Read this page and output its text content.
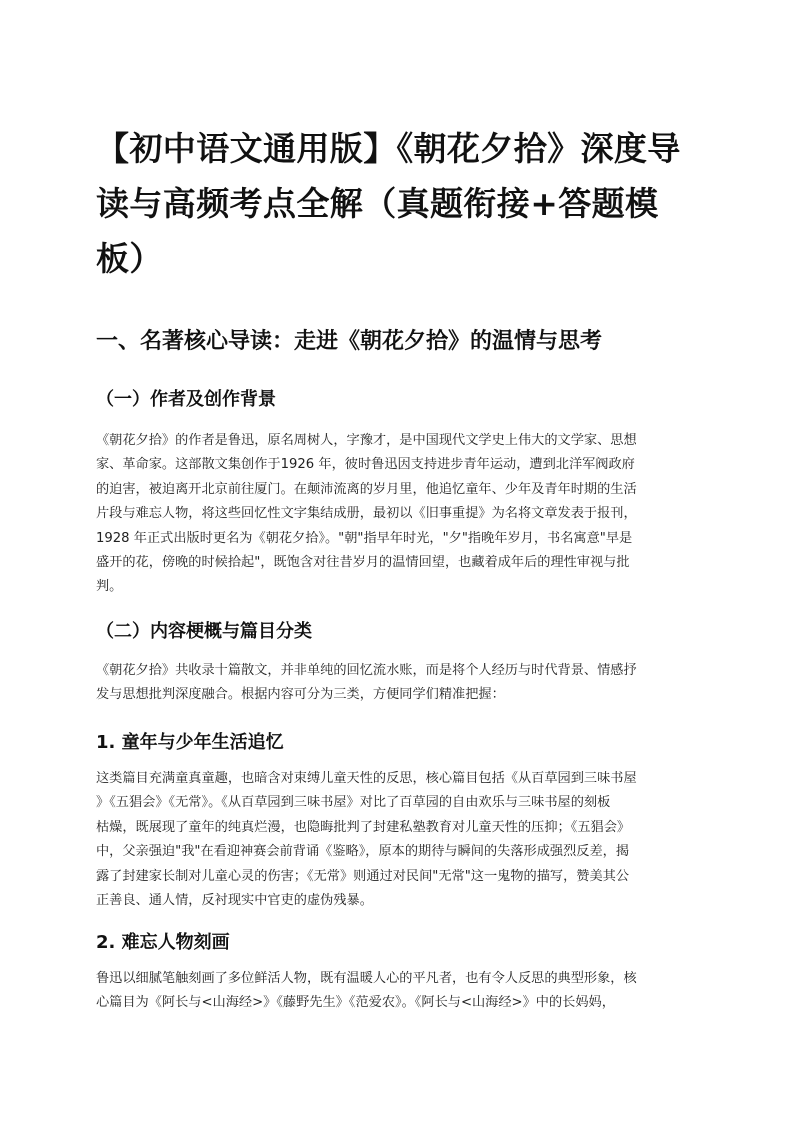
【初中语文通用版】《朝花夕拾》深度导读与高频考点全解（真题衔接+答题模板）
一、名著核心导读：走进《朝花夕拾》的温情与思考
（一）作者及创作背景
《朝花夕拾》的作者是鲁迅，原名周树人，字豫才，是中国现代文学史上伟大的文学家、思想
家、革命家。这部散文集创作于1926 年，彼时鲁迅因支持进步青年运动，遭到北洋军阀政府
的迫害，被迫离开北京前往厦门。在颠沛流离的岁月里，他追忆童年、少年及青年时期的生活
片段与难忘人物，将这些回忆性文字集结成册，最初以《旧事重提》为名将文章发表于报刊，
1928 年正式出版时更名为《朝花夕拾》。"朝"指早年时光，"夕"指晚年岁月，书名寓意"早是
盛开的花，傍晚的时候拾起"，既饱含对往昔岁月的温情回望，也藏着成年后的理性审视与批
判。
（二）内容梗概与篇目分类
《朝花夕拾》共收录十篇散文，并非单纯的回忆流水账，而是将个人经历与时代背景、情感抒
发与思想批判深度融合。根据内容可分为三类，方便同学们精准把握：
1. 童年与少年生活追忆
这类篇目充满童真童趣，也暗含对束缚儿童天性的反思，核心篇目包括《从百草园到三味书屋
》《五猖会》《无常》。《从百草园到三味书屋》对比了百草园的自由欢乐与三味书屋的刻板
枯燥，既展现了童年的纯真烂漫，也隐晦批判了封建私塾教育对儿童天性的压抑；《五猖会》
中，父亲强迫"我"在看迎神赛会前背诵《鉴略》，原本的期待与瞬间的失落形成强烈反差，揭
露了封建家长制对儿童心灵的伤害；《无常》则通过对民间"无常"这一鬼物的描写，赞美其公
正善良、通人情，反衬现实中官吏的虚伪残暴。
2. 难忘人物刻画
鲁迅以细腻笔触刻画了多位鲜活人物，既有温暖人心的平凡者，也有令人反思的典型形象，核
心篇目为《阿长与<山海经>》《藤野先生》《范爱农》。《阿长与<山海经>》中的长妈妈，
